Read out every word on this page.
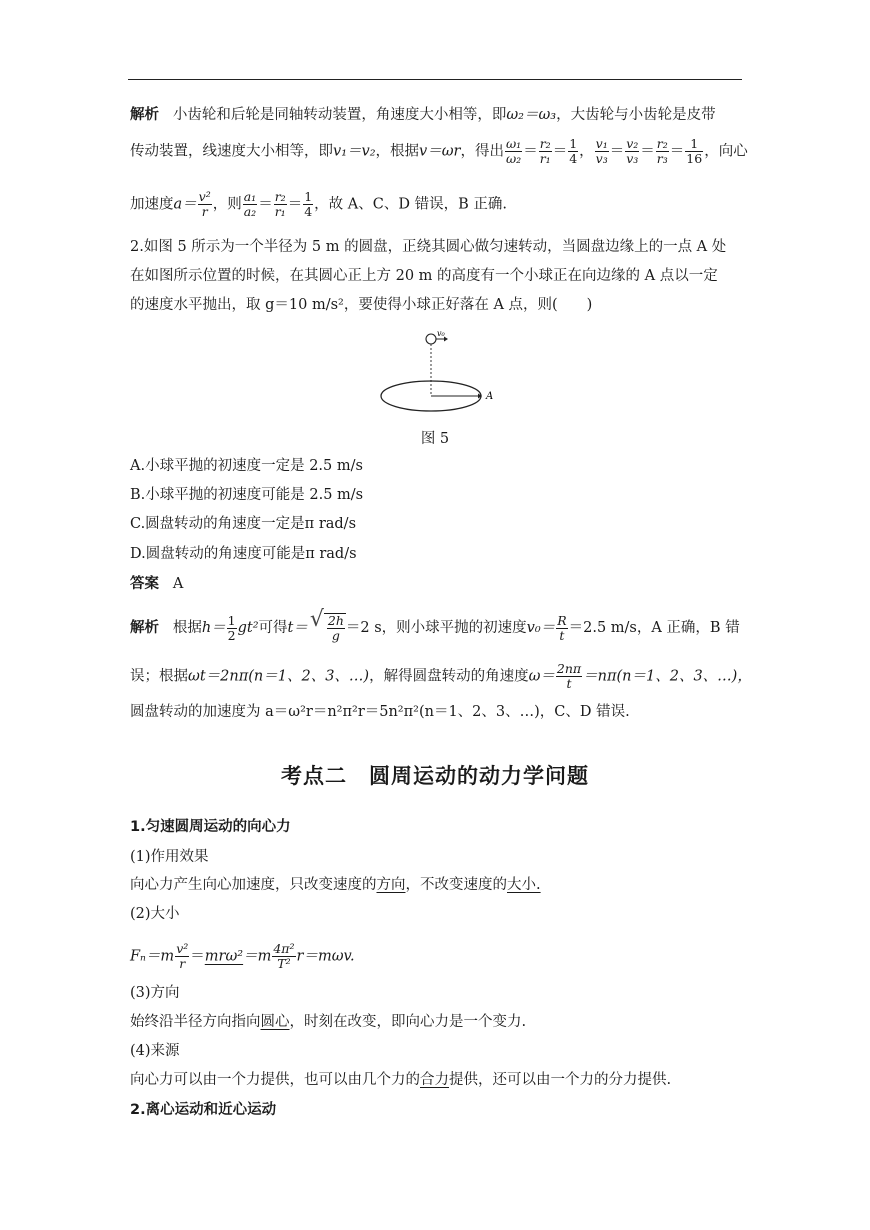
解析 小齿轮和后轮是同轴转动装置，角速度大小相等，即ω₂＝ω₃，大齿轮与小齿轮是皮带
传动装置，线速度大小相等，即v₁＝v₂，根据v＝ωr，得出 $\frac{\text{ω₁}}{\text{ω₂}} = \frac{\text{r₂}}{\text{r₁}} = \frac{1}{4}$ ， $\frac{\text{v₁}}{\text{v₃}} = \frac{\text{v₂}}{\text{v₃}} = \frac{\text{r₂}}{\text{r₃}} = \frac{1}{16}$ ，向心
加速度$a= \frac{\text{v²}}{r}$ ，则 $\frac{\text{a₁}}{\text{a₂}} = \frac{\text{r₂}}{\text{r₁}} = \frac{1}{4}$ ，故 A、C、D 错误，B 正确.
2.如图 5 所示为一个半径为 5 m 的圆盘，正绕其圆心做匀速转动，当圆盘边缘上的一点 A 处
在如图所示位置的时候，在其圆心正上方 20 m 的高度有一个小球正在向边缘的 A 点以一定
的速度水平抛出，取 g＝10 m/s²，要使得小球正好落在 A 点，则(　　)
v₀
A
图 5
A.小球平抛的初速度一定是 2.5 m/s
B.小球平抛的初速度可能是 2.5 m/s
C.圆盘转动的角速度一定是π rad/s
D.圆盘转动的角速度可能是π rad/s
答案 A
解析 根据$h= \frac{1}{2} gt^2$可得t＝ √ $\frac{2h}{g} =2$ s，则小球平抛的初速度$v_0= \frac{R}{t} =2.5$ m/s，A 正确，B 错
误；根据ωt＝2nπ(n＝1、2、3、…)，解得圆盘转动的角速度$\omega= \frac{2n\pi}{t} =n\pi(n=1$、2、3、…)，
圆盘转动的加速度为 a＝ω²r＝n²π²r＝5n²π²(n＝1、2、3、…)，C、D 错误.
考点二　圆周运动的动力学问题
1.匀速圆周运动的向心力
(1)作用效果
向心力产生向心加速度，只改变速度的方向，不改变速度的大小.
(2)大小
$F_n=m \frac{\text{v²}}{r} =mr\omega^2=m \frac{\text{4π²}}{\text{T²}} r=m\omega v$.
(3)方向
始终沿半径方向指向圆心，时刻在改变，即向心力是一个变力.
(4)来源
向心力可以由一个力提供，也可以由几个力的合力提供，还可以由一个力的分力提供.
2.离心运动和近心运动
